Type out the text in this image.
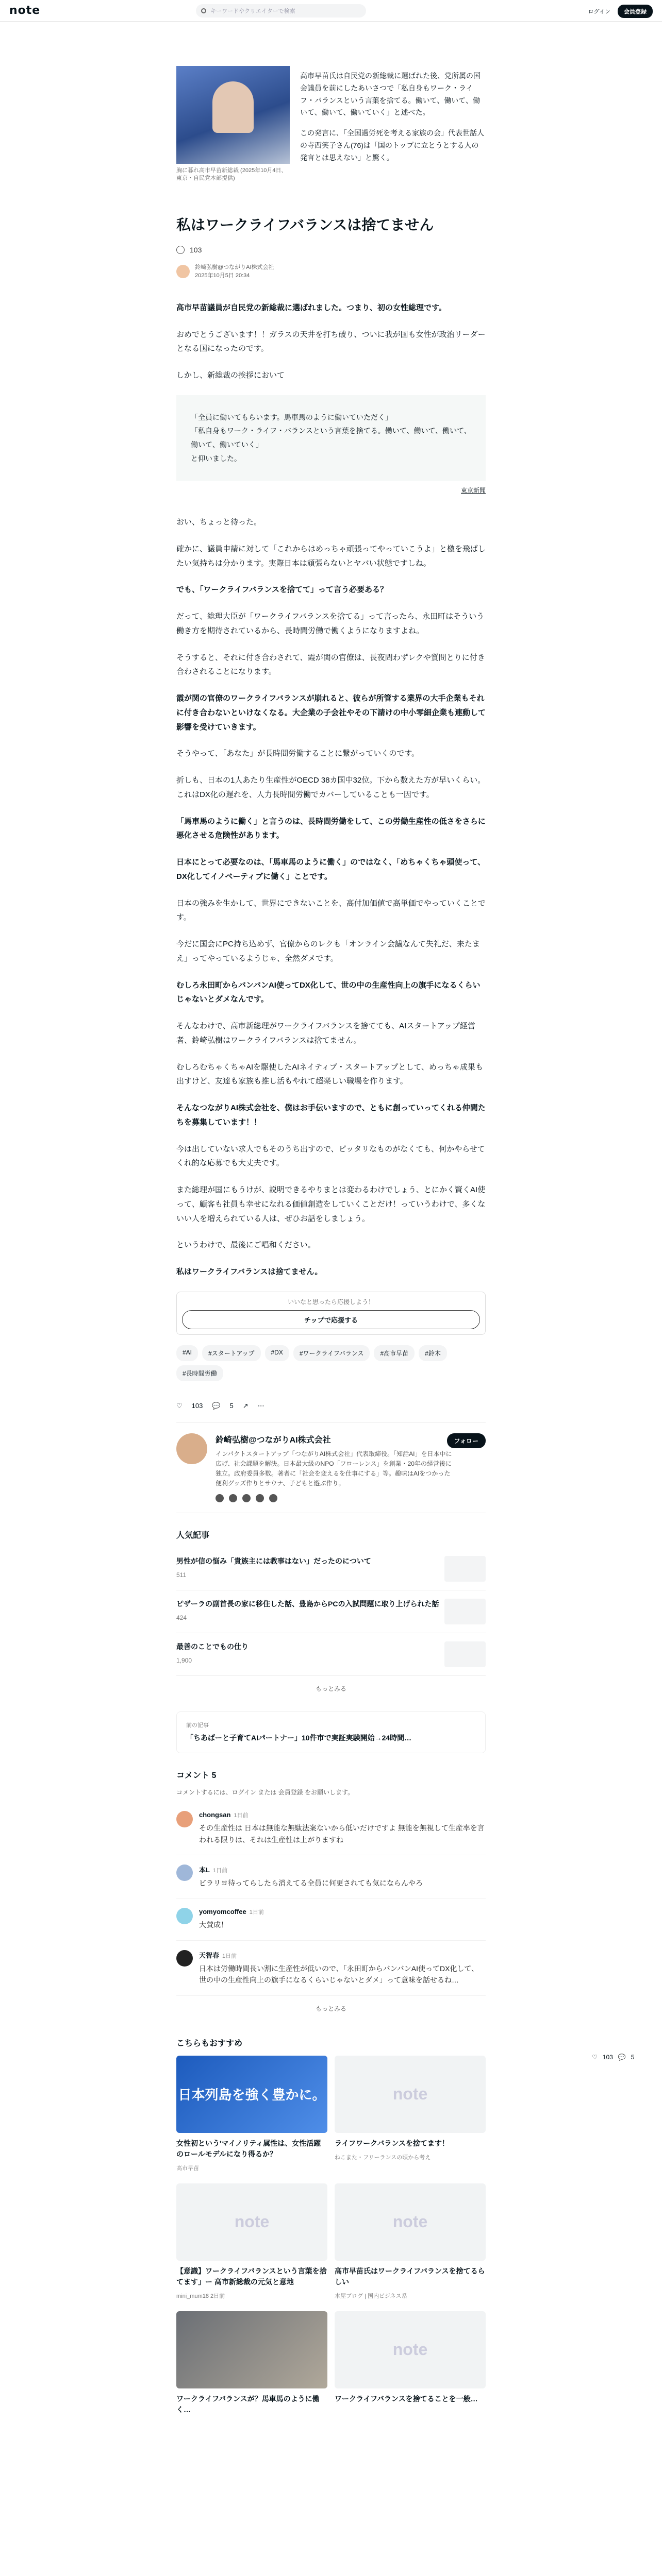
note	キーワードやクリエイターで検索	ログイン	会員登録
♡ 103 💬 5
胸に暮れ高市早苗新総裁 (2025年10月4日、東京・自民党本部提供)

高市早苗氏は自民党の新総裁に選ばれた後、党所属の国会議員を前にしたあいさつで「私自身もワーク・ライフ・バランスという言葉を捨てる。働いて、働いて、働いて、働いて、働いていく」と述べた。

この発言に、「全国過労死を考える家族の会」代表世話人の寺西笑子さん(76)は「国のトップに立とうとする人の発言とは思えない」と驚く。

私はワークライフバランスは捨てません
103
鈴崎弘樹@つながりAI株式会社
2025年10月5日 20:34

高市早苗議員が自民党の新総裁に選ばれました。つまり、初の女性総理です。

おめでとうございます！！ガラスの天井を打ち破り、ついに我が国も女性が政治リーダーとなる国になったのです。

しかし、新総裁の挨拶において

「全員に働いてもらいます。馬車馬のように働いていただく」
「私自身もワーク・ライフ・バランスという言葉を捨てる。働いて、働いて、働いて、働いて、働いていく」
と仰いました。
東京新聞

おい、ちょっと待った。

確かに、議員申請に対して「これからはめっちゃ頑張ってやっていこうよ」と檄を飛ばしたい気持ちは分かります。実際日本は頑張らないとヤバい状態ですしね。

でも、「ワークライフバランスを捨てて」って言う必要ある？

だって、総理大臣が「ワークライフバランスを捨てる」って言ったら、永田町はそういう働き方を期待されているから、長時間労働で働くようになりますよね。

そうすると、それに付き合わされて、霞が関の官僚は、長夜問わずレクや質問とりに付き合わされることになります。

霞が関の官僚のワークライフバランスが崩れると、彼らが所管する業界の大手企業もそれに付き合わないといけなくなる。大企業の子会社やその下請けの中小零細企業も連動して影響を受けていきます。

そうやって、「あなた」が長時間労働することに繋がっていくのです。

折しも、日本の1人あたり生産性がOECD 38カ国中32位。下から数えた方が早いくらい。これはDX化の遅れを、人力長時間労働でカバーしていることも一因です。

「馬車馬のように働く」と言うのは、長時間労働をして、この労働生産性の低さをさらに悪化させる危険性があります。

日本にとって必要なのは、「馬車馬のように働く」のではなく、「めちゃくちゃ頭使って、DX化してイノベーティブに働く」ことです。

日本の強みを生かして、世界にできないことを、高付加価値で高単価でやっていくことです。

今だに国会にPC持ち込めず、官僚からのレクも「オンライン会議なんて失礼だ、来たまえ」ってやっているようじゃ、全然ダメです。

むしろ永田町からバンバンAI使ってDX化して、世の中の生産性向上の旗手になるくらいじゃないとダメなんです。

そんなわけで、高市新総理がワークライフバランスを捨てても、AIスタートアップ経営者、鈴崎弘樹はワークライフバランスは捨てません。

むしろむちゃくちゃAIを駆使したAIネイティブ・スタートアップとして、めっちゃ成果も出すけど、友達も家族も推し活もやれて超楽しい職場を作ります。

そんなつながりAI株式会社を、僕はお手伝いますので、ともに創っていってくれる仲間たちを募集しています！！

今は出していない求人でもそのうち出すので、ピッタリなものがなくても、何かやらせてくれ的な応募でも大丈夫です。

また総理が国にもうけが、説明できるやりまとは変わるわけでしょう、とにかく賢くAI使って、顧客も社員も幸せになれる価値創造をしていくことだけ！っていうわけで、多くないい人を増えられている人は、ぜひお話をしましょう。

というわけで、最後にご唱和ください。

私はワークライフバランスは捨てません。

いいなと思ったら応援しよう！
チップで応援する
#AI	#スタートアップ	#DX	#ワークライフバランス	#高市早苗	#鈴木
#長時間労働
♡ 103 💬 5 ↗ ⋯
鈴崎弘樹@つながりAI株式会社
インパクトスタートアップ「つながりAI株式会社」代表取締役。「知話AI」を日本中に広げ、社会課題を解決。日本最大級のNPO「フローレンス」を創業・20年の経営後に独立。政府委員多数。著者に「社会を変えるを仕事にする」等。趣味はAIをつかった便利グッズ作りとサウナ、子どもと遊ぶ作り。
フォロー
人気記事
男性が信の悩み「貴族主には教事はない」だったのについて
511
ピザーラの副首長の家に移住した話、豊島からPCの入試問題に取り上げられた話
424
最善のことでもの仕り
1,900
もっとみる
前の記事
「ちあばーと子育てAIパートナー」10件市で実証実験開始→24時間…
コメント 5
コメントするには、ログイン または 会員登録 をお願いします。
chongsan 1日前
その生産性は 日本は無能な無駄法案ないから低いだけですよ 無能を無視して生産率を言われる限りは、それは生産性は上がりますね
本L 1日前
ビラリヨ待ってらしたら消えてる全員に何更されても気にならんやろ
yomyomcoffee 1日前
大賛成！
天智春 1日前
日本は労働時間長い割に生産性が低いので、「永田町からバンバンAI使ってDX化して、世の中の生産性向上の旗手になるくらいじゃないとダメ」って意味を話せるね…
もっとみる
こちらもおすすめ
日本列島を強く豊かに。
女性初という'マイノリティ属性は、女性活躍のロールモデルになり得るか？
高市早苗
note
ライフワークバランスを捨てます！
ねこまた・フリーランスの頃から考え
note
【意識】ワークライフバランスという言葉を捨てます」ー 高市新総裁の元気と意地
mini_mum18 2日前
note
高市早苗氏はワークライフバランスを捨てるらしい
本屋ブログ | 国内ビジネス系
ワークライフバランスが？馬車馬のように働く…
note
ワークライフバランスを捨てることを一般…
